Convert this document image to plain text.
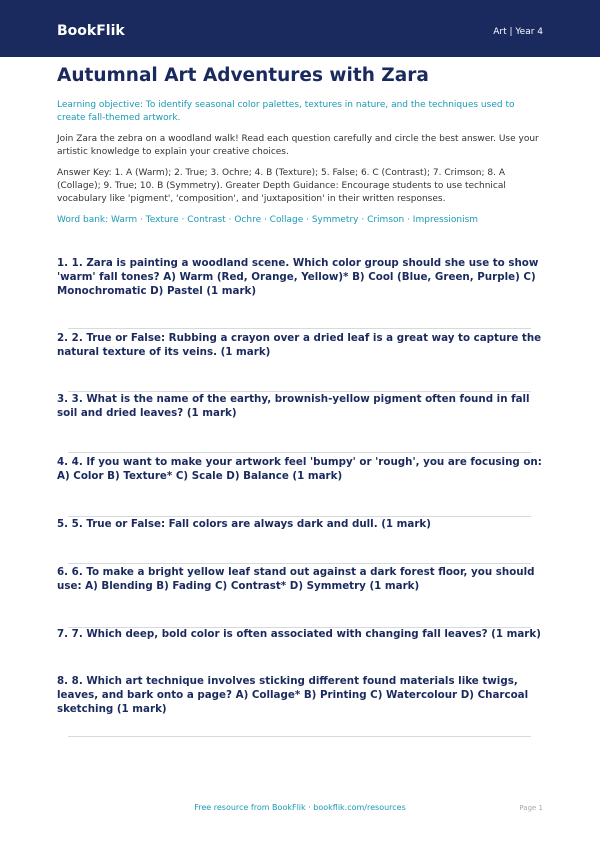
BookFlik	Art | Year 4
Autumnal Art Adventures with Zara
Learning objective: To identify seasonal color palettes, textures in nature, and the techniques used to create fall-themed artwork.
Join Zara the zebra on a woodland walk! Read each question carefully and circle the best answer. Use your artistic knowledge to explain your creative choices.
Answer Key: 1. A (Warm); 2. True; 3. Ochre; 4. B (Texture); 5. False; 6. C (Contrast); 7. Crimson; 8. A (Collage); 9. True; 10. B (Symmetry). Greater Depth Guidance: Encourage students to use technical vocabulary like 'pigment', 'composition', and 'juxtaposition' in their written responses.
Word bank: Warm · Texture · Contrast · Ochre · Collage · Symmetry · Crimson · Impressionism
1. 1. Zara is painting a woodland scene. Which color group should she use to show 'warm' fall tones? A) Warm (Red, Orange, Yellow)* B) Cool (Blue, Green, Purple) C) Monochromatic D) Pastel (1 mark)
2. 2. True or False: Rubbing a crayon over a dried leaf is a great way to capture the natural texture of its veins. (1 mark)
3. 3. What is the name of the earthy, brownish-yellow pigment often found in fall soil and dried leaves? (1 mark)
4. 4. If you want to make your artwork feel 'bumpy' or 'rough', you are focusing on: A) Color B) Texture* C) Scale D) Balance (1 mark)
5. 5. True or False: Fall colors are always dark and dull. (1 mark)
6. 6. To make a bright yellow leaf stand out against a dark forest floor, you should use: A) Blending B) Fading C) Contrast* D) Symmetry (1 mark)
7. 7. Which deep, bold color is often associated with changing fall leaves? (1 mark)
8. 8. Which art technique involves sticking different found materials like twigs, leaves, and bark onto a page? A) Collage* B) Printing C) Watercolour D) Charcoal sketching (1 mark)
Free resource from BookFlik · bookflik.com/resources	Page 1
